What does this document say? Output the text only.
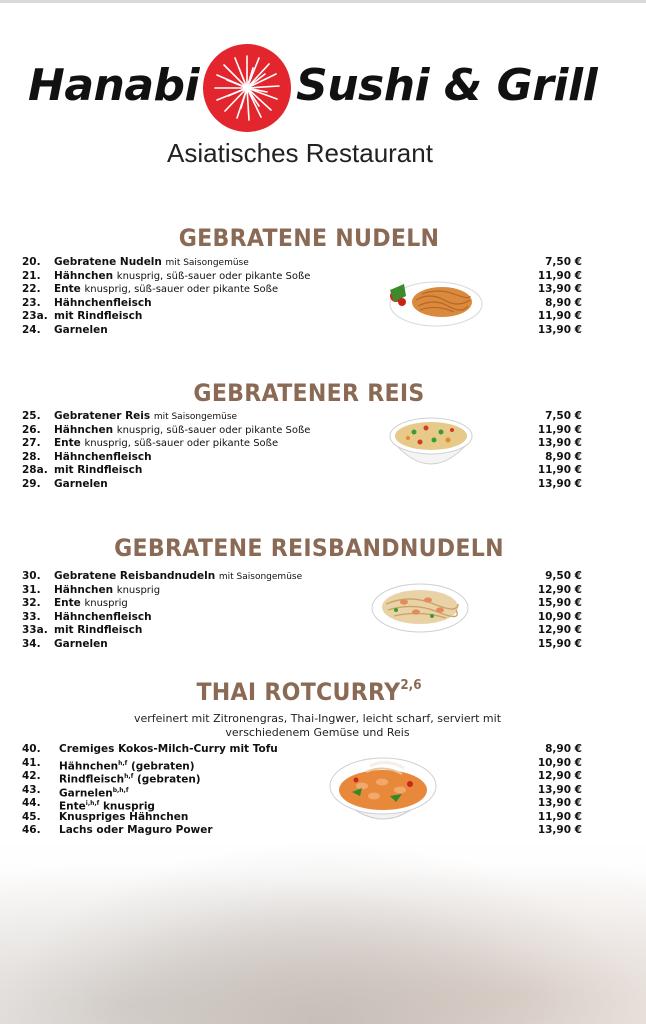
Hanabi Sushi & Grill
Asiatisches Restaurant
GEBRATENE NUDELN
20.	Gebratene Nudeln mit Saisongemüse	7,50 €
21.	Hähnchen knusprig, süß-sauer oder pikante Soße	11,90 €
22.	Ente knusprig, süß-sauer oder pikante Soße	13,90 €
23.	Hähnchenfleisch	8,90 €
23a. mit Rindfleisch	11,90 €
24.	Garnelen	13,90 €
GEBRATENER REIS
25.	Gebratener Reis mit Saisongemüse	7,50 €
26.	Hähnchen knusprig, süß-sauer oder pikante Soße	11,90 €
27.	Ente knusprig, süß-sauer oder pikante Soße	13,90 €
28.	Hähnchenfleisch	8,90 €
28a. mit Rindfleisch	11,90 €
29.	Garnelen	13,90 €
GEBRATENE REISBANDNUDELN
30.	Gebratene Reisbandnudeln mit Saisongemüse	9,50 €
31.	Hähnchen knusprig	12,90 €
32.	Ente knusprig	15,90 €
33.	Hähnchenfleisch	10,90 €
33a. mit Rindfleisch	12,90 €
34.	Garnelen	15,90 €
THAI ROTCURRY$^{2,6}$
verfeinert mit Zitronengras, Thai-Ingwer, leicht scharf, serviert mit verschiedenem Gemüse und Reis
40.	Cremiges Kokos-Milch-Curry mit Tofu	8,90 €
41.	Hähnchen$^{h,f}$ (gebraten)	10,90 €
42.	Rindfleisch$^{h,f}$ (gebraten)	12,90 €
43.	Garnelen$^{b,h,f}$	13,90 €
44.	Ente$^{i,h,f}$ knusprig	13,90 €
45.	Knuspriges Hähnchen	11,90 €
46.	Lachs oder Maguro Power	13,90 €
